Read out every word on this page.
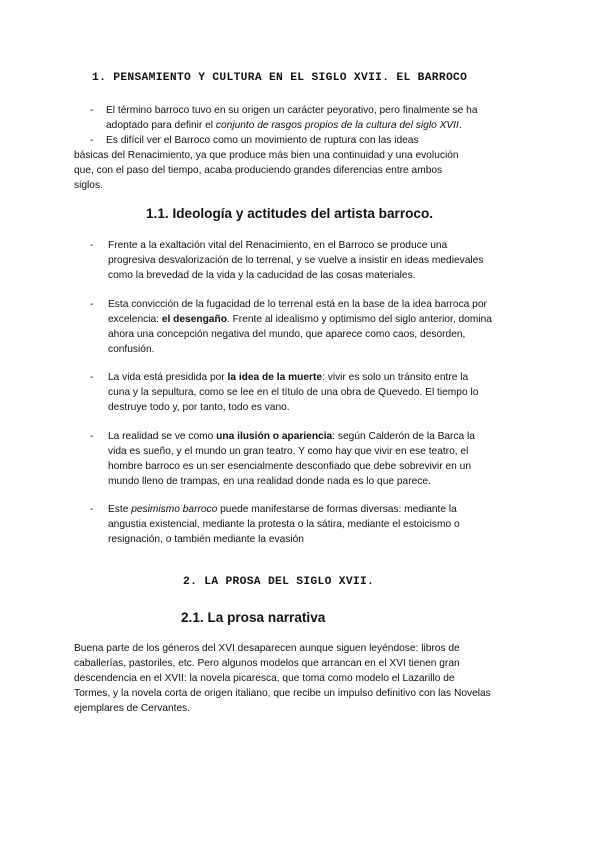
1. PENSAMIENTO Y CULTURA EN EL SIGLO XVII. EL BARROCO
- El término barroco tuvo en su origen un carácter peyorativo, pero finalmente se ha
adoptado para definir el conjunto de rasgos propios de la cultura del siglo XVII.
-	Es difícil ver el Barroco como un movimiento de ruptura con las ideas
básicas del Renacimiento, ya que produce más bien una continuidad y una evolución
que, con el paso del tiempo, acaba produciendo grandes diferencias entre ambos
siglos.
1.1. Ideología y actitudes del artista barroco.
- Frente a la exaltación vital del Renacimiento, en el Barroco se produce una
progresiva desvalorización de lo terrenal, y se vuelve a insistir en ideas medievales
como la brevedad de la vida y la caducidad de las cosas materiales.
- Esta convicción de la fugacidad de lo terrenal está en la base de la idea barroca por
excelencia: el desengaño. Frente al idealismo y optimismo del siglo anterior, domina
ahora una concepción negativa del mundo, que aparece como caos, desorden,
confusión.
- La vida está presidida por la idea de la muerte: vivir es solo un tránsito entre la
cuna y la sepultura, como se lee en el título de una obra de Quevedo. El tiempo lo
destruye todo y, por tanto, todo es vano.
- La realidad se ve como una ilusión o apariencia: según Calderón de la Barca la
vida es sueño, y el mundo un gran teatro. Y como hay que vivir en ese teatro, el
hombre barroco es un ser esencialmente desconfiado que debe sobrevivir en un
mundo lleno de trampas, en una realidad donde nada es lo que parece.
- Este pesimismo barroco puede manifestarse de formas diversas: mediante la
angustia existencial, mediante la protesta o la sátira, mediante el estoicismo o
resignación, o también mediante la evasión
2. LA PROSA DEL SIGLO XVII.
2.1. La prosa narrativa
Buena parte de los géneros del XVI desaparecen aunque siguen leyéndose: libros de
caballerías, pastoriles, etc. Pero algunos modelos que arrancan en el XVI tienen gran
descendencia en el XVII: la novela picaresca, que toma como modelo el Lazarillo de
Tormes, y la novela corta de origen italiano, que recibe un impulso definitivo con las Novelas
ejemplares de Cervantes.
